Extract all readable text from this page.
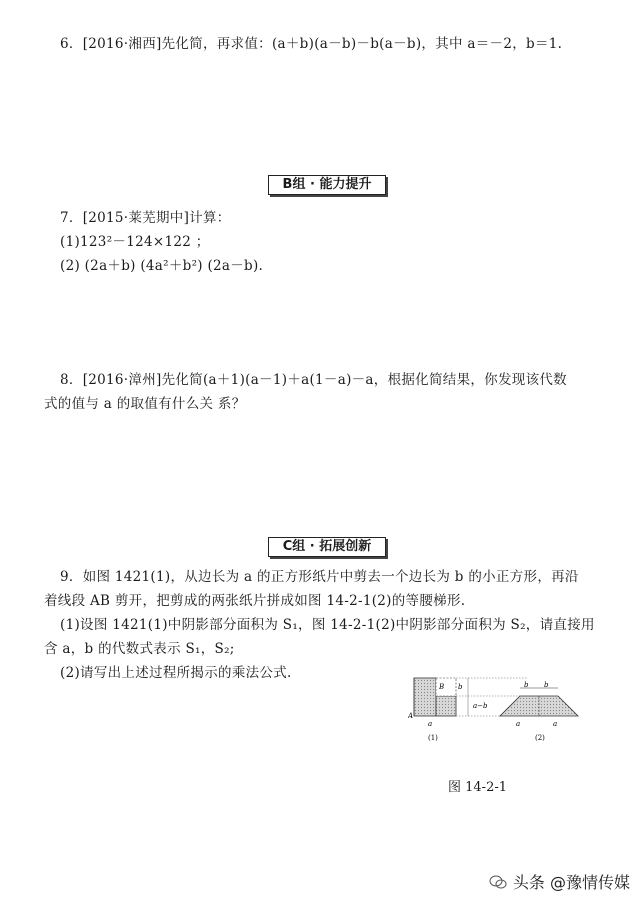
6．[2016·湘西]先化简，再求值：(a＋b)(a－b)－b(a－b)，其中 a＝－2，b＝1.
B组 · 能力提升
7．[2015·莱芜期中]计算：
(1)123²－124×122 ；
(2) (2a＋b) (4a²＋b²) (2a－b).
8．[2016·漳州]先化简(a＋1)(a－1)＋a(1－a)－a，根据化简结果，你发现该代数
式的值与 a 的取值有什么关 系？
C组 · 拓展创新
9．如图 1421(1)，从边长为 a 的正方形纸片中剪去一个边长为 b 的小正方形，再沿
着线段 AB 剪开，把剪成的两张纸片拼成如图 14-2-1(2)的等腰梯形.
(1)设图 1421(1)中阴影部分面积为 S₁，图 14-2-1(2)中阴影部分面积为 S₂，请直接用
含 a，b 的代数式表示 S₁，S₂;
(2)请写出上述过程所揭示的乘法公式.
A
B b
a
a−b
b b
a	a
(1)	(2)
图 14-2-1
头条 @豫情传媒
